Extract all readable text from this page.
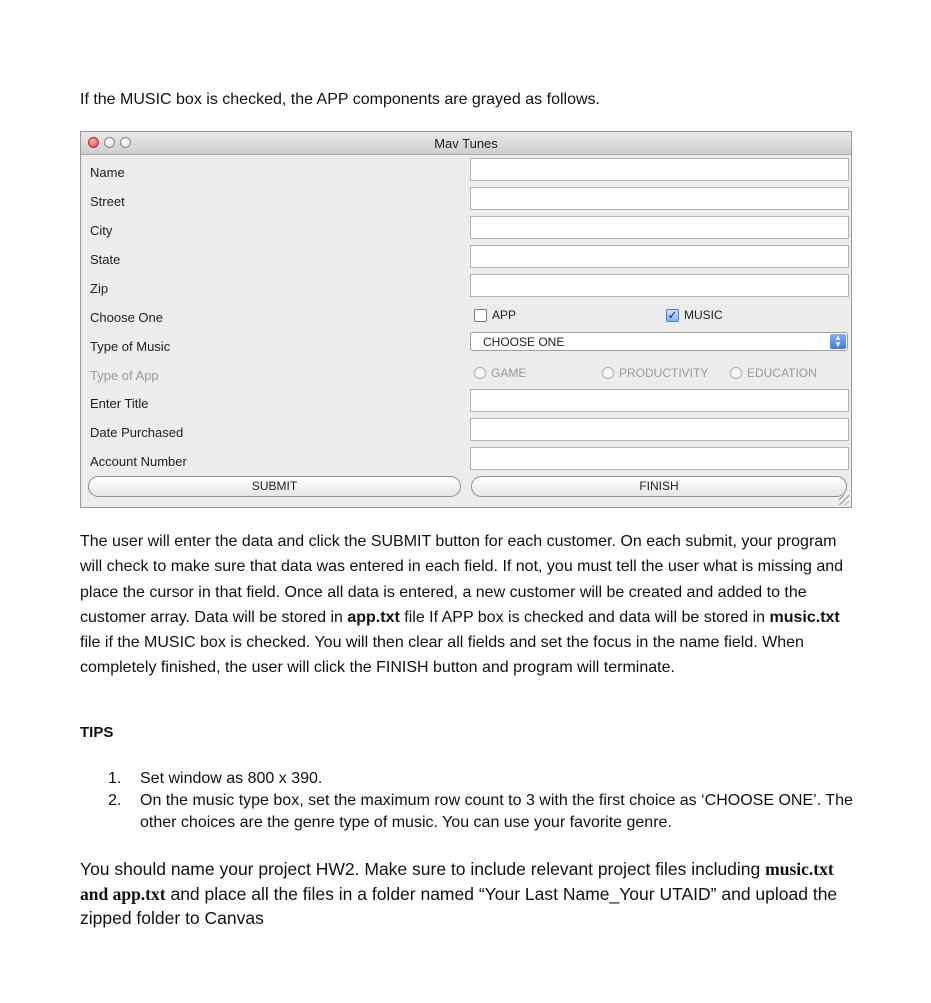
If the MUSIC box is checked, the APP components are grayed as follows.
Mav Tunes
Name
Street
City
State
Zip
Choose One	APP	✓ MUSIC
Type of Music	CHOOSE ONE	▲
▼
Type of App	GAME	PRODUCTIVITY	EDUCATION
Enter Title
Date Purchased
Account Number
SUBMIT	FINISH
The user will enter the data and click the SUBMIT button for each customer. On each submit, your program will check to make sure that data was entered in each field. If not, you must tell the user what is missing and place the cursor in that field. Once all data is entered, a new customer will be created and added to the customer array. Data will be stored in app.txt file If APP box is checked and data will be stored in music.txt file if the MUSIC box is checked. You will then clear all fields and set the focus in the name field. When completely finished, the user will click the FINISH button and program will terminate.
TIPS
1. Set window as 800 x 390.
2. On the music type box, set the maximum row count to 3 with the first choice as ‘CHOOSE ONE’. The other choices are the genre type of music. You can use your favorite genre.
You should name your project HW2. Make sure to include relevant project files including music.txt and app.txt and place all the files in a folder named “Your Last Name_Your UTAID” and upload the zipped folder to Canvas
